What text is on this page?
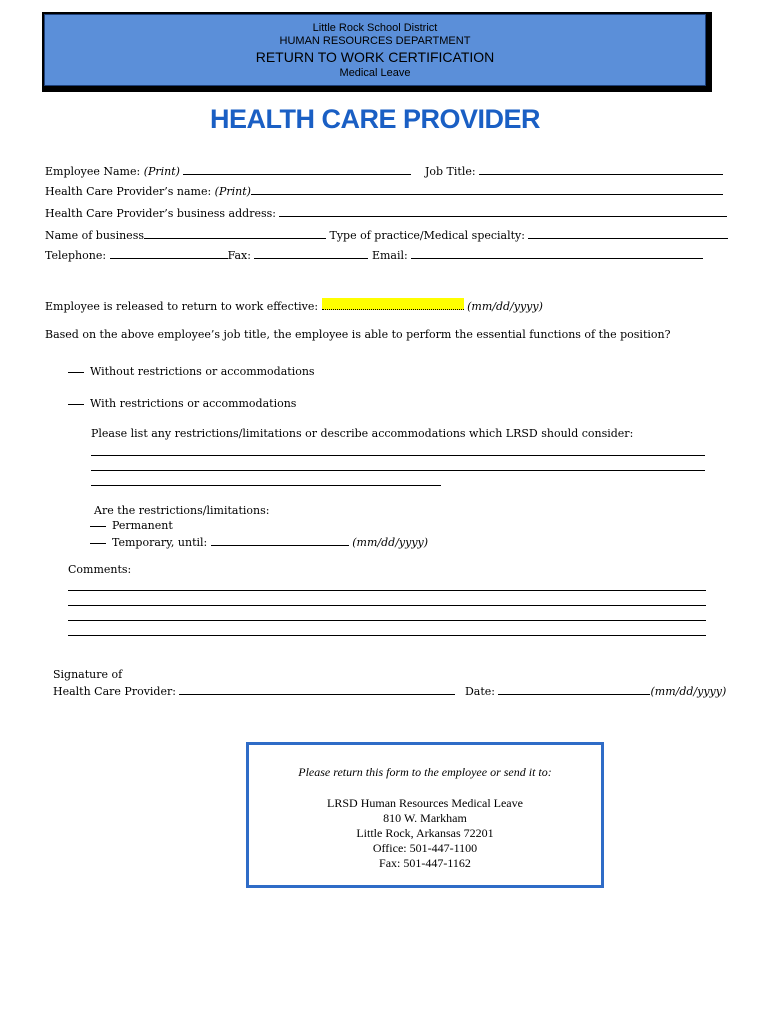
Little Rock School District
HUMAN RESOURCES DEPARTMENT
RETURN TO WORK CERTIFICATION
Medical Leave
HEALTH CARE PROVIDER
Employee Name: (Print)	Job Title:
Health Care Provider’s name: (Print)
Health Care Provider’s business address:
Name of business	Type of practice/Medical specialty:
Telephone:	Fax:	Email:
Employee is released to return to work effective:	(mm/dd/yyyy)
Based on the above employee’s job title, the employee is able to perform the essential functions of the position?
Without restrictions or accommodations
With restrictions or accommodations
Please list any restrictions/limitations or describe accommodations which LRSD should consider:
Are the restrictions/limitations:
Permanent
Temporary, until:	(mm/dd/yyyy)
Comments:
Signature of
Health Care Provider:	Date:	(mm/dd/yyyy)
Please return this form to the employee or send it to:
LRSD Human Resources Medical Leave
810 W. Markham
Little Rock, Arkansas 72201
Office: 501-447-1100
Fax: 501-447-1162
